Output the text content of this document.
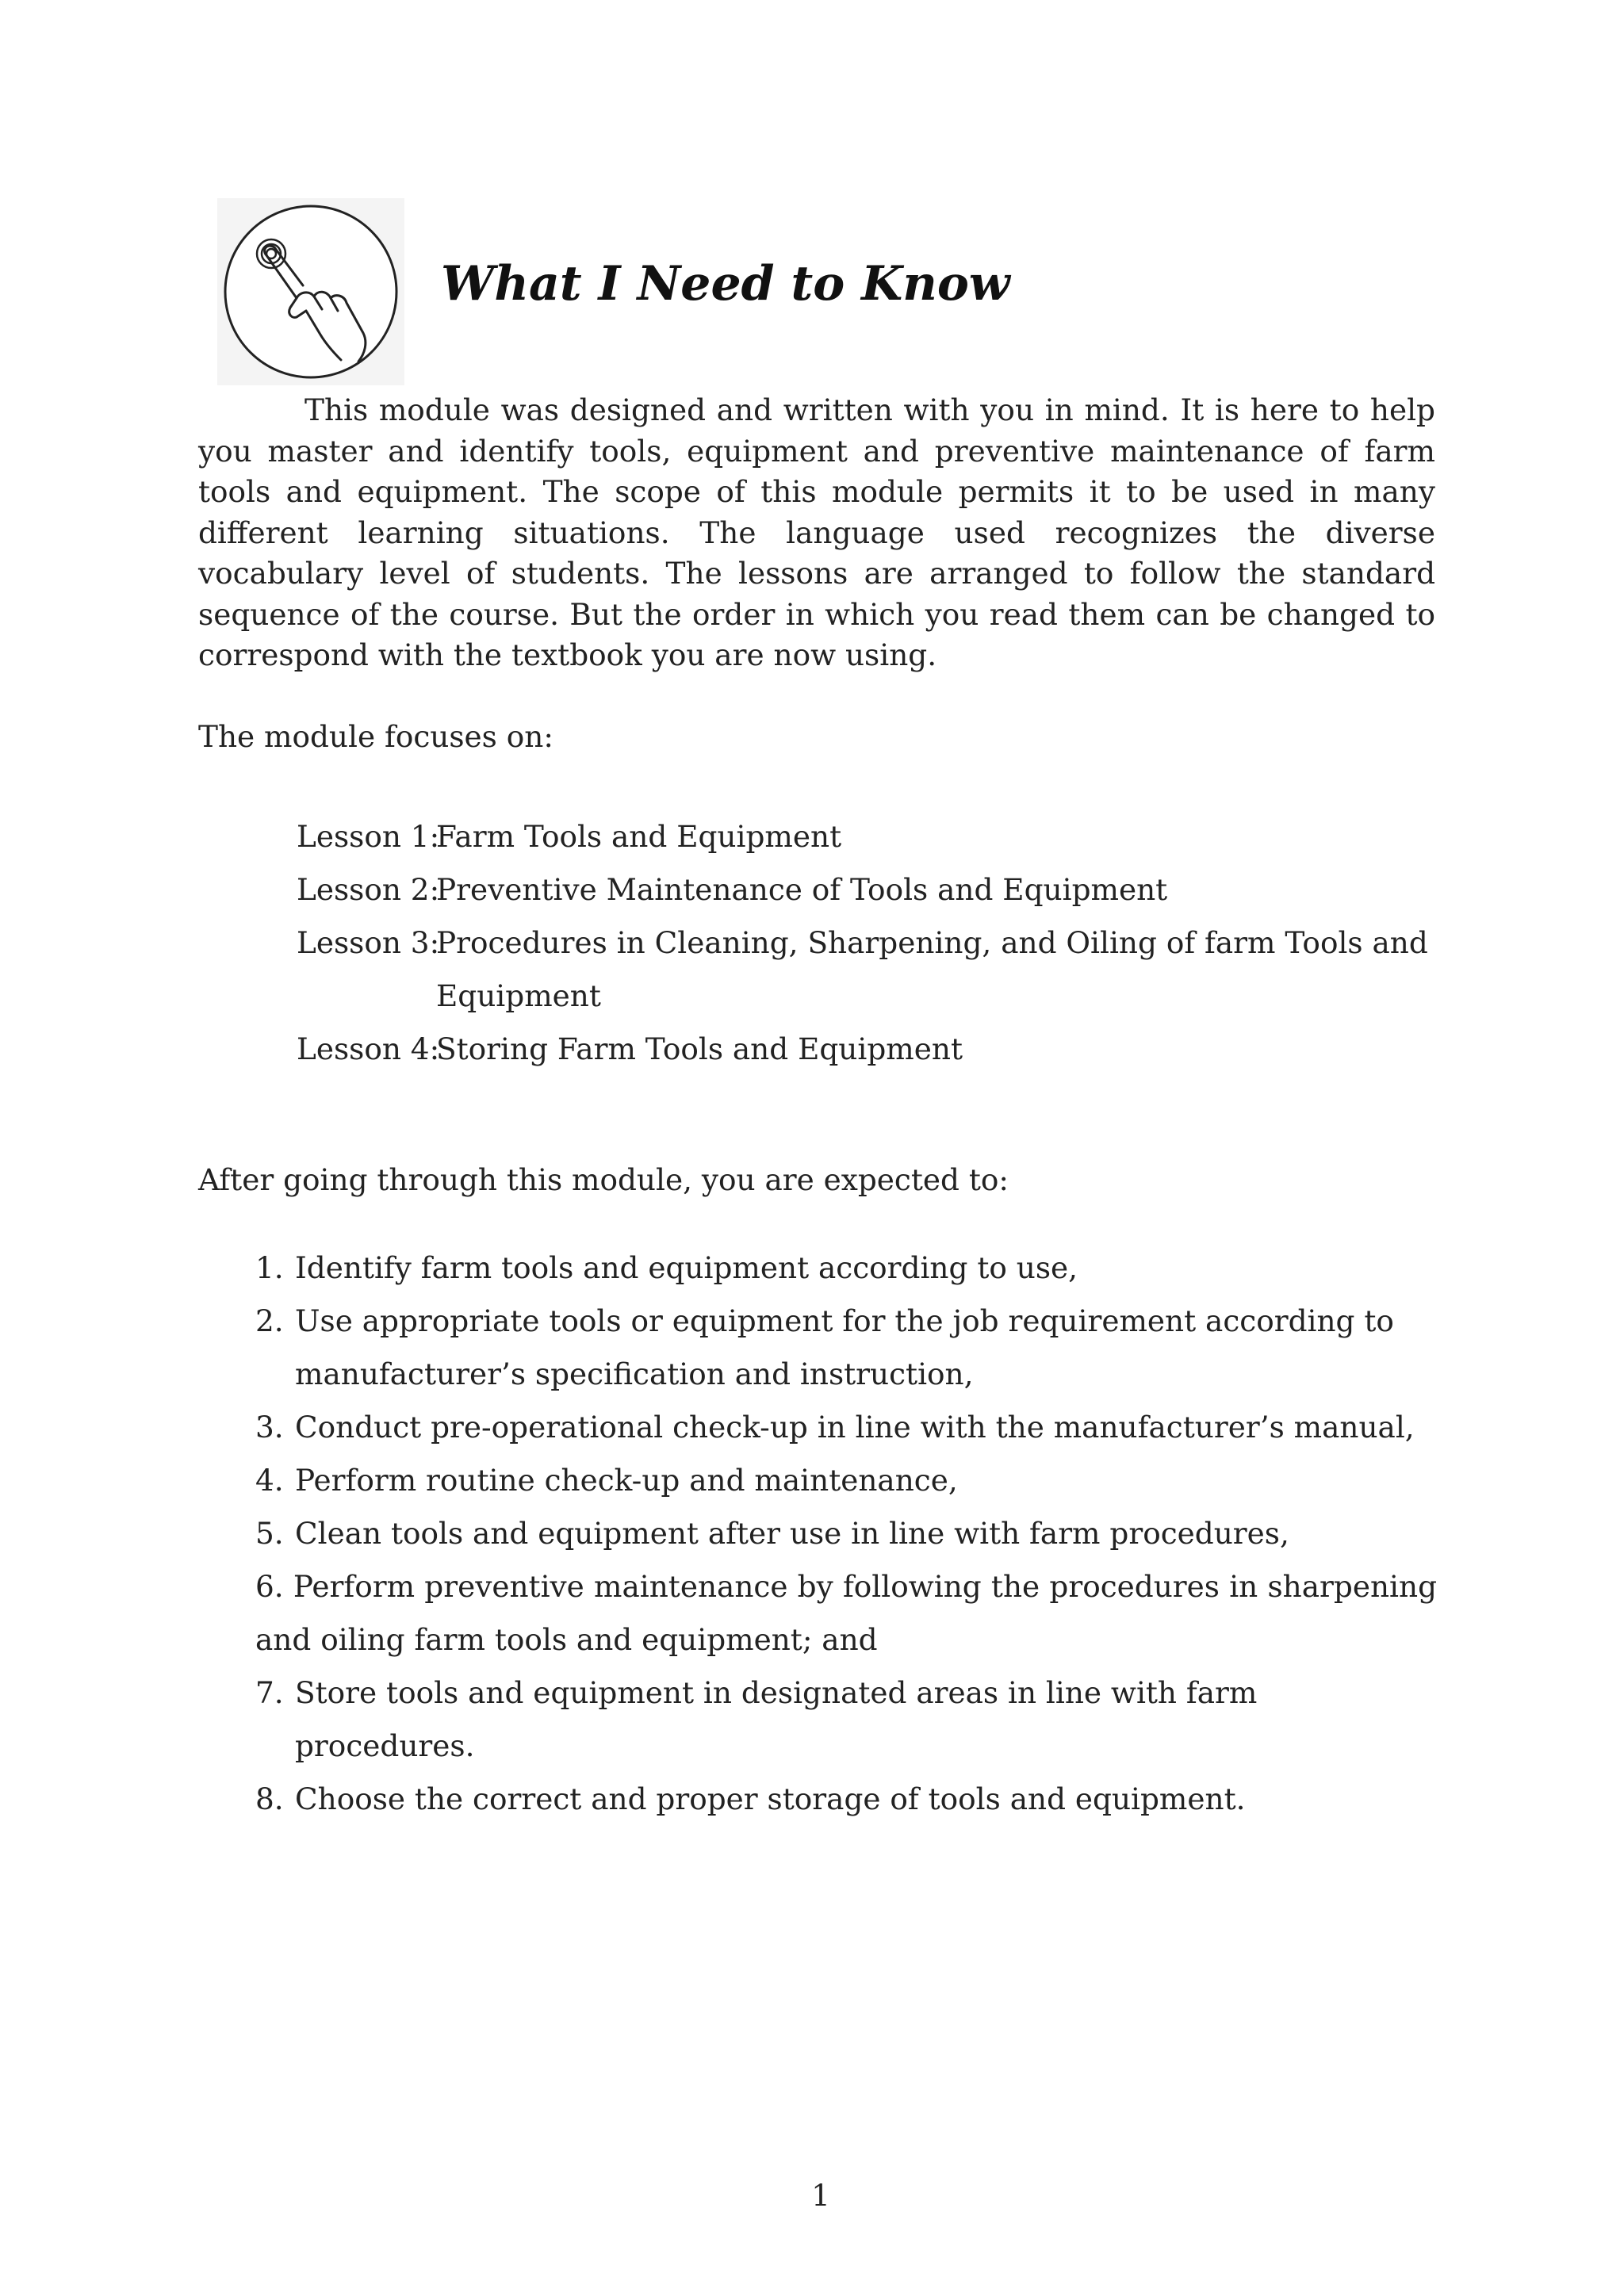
What I Need to Know

This module was designed and written with you in mind. It is here to help you master and identify tools, equipment and preventive maintenance of farm tools and equipment. The scope of this module permits it to be used in many different learning situations. The language used recognizes the diverse vocabulary level of students. The lessons are arranged to follow the standard sequence of the course. But the order in which you read them can be changed to correspond with the textbook you are now using.

The module focuses on:

Lesson 1:
Farm Tools and Equipment
Lesson 2:
Preventive Maintenance of Tools and Equipment
Lesson 3:
Procedures in Cleaning, Sharpening, and Oiling of farm Tools and Equipment
Lesson 4:
Storing Farm Tools and Equipment

After going through this module, you are expected to:

1. Identify farm tools and equipment according to use,
2. Use appropriate tools or equipment for the job requirement according to manufacturer’s specification and instruction,
3. Conduct pre-operational check-up in line with the manufacturer’s manual,
4. Perform routine check-up and maintenance,
5. Clean tools and equipment after use in line with farm procedures,
6. Perform preventive maintenance by following the procedures in sharpening and oiling farm tools and equipment; and
7. Store tools and equipment in designated areas in line with farm procedures.
8. Choose the correct and proper storage of tools and equipment.
1
